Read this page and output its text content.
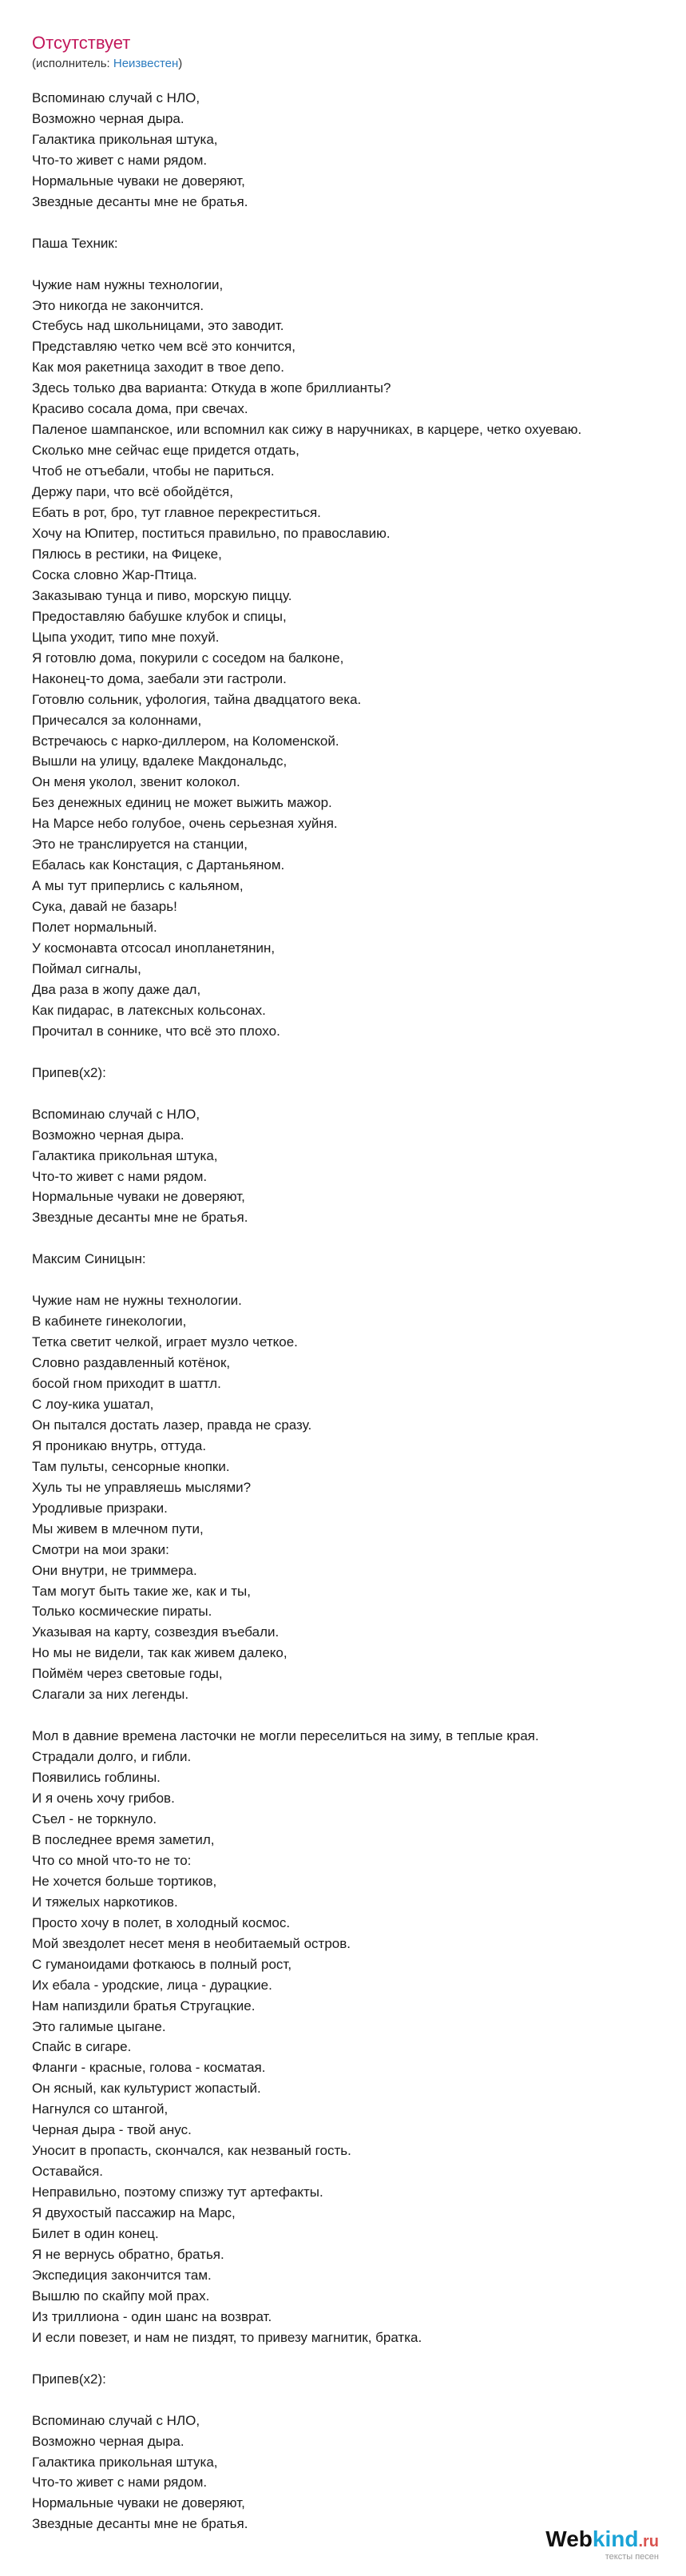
Отсутствует
(исполнитель: Неизвестен)
Вспоминаю случай с НЛО,
Возможно черная дыра.
Галактика прикольная штука,
Что-то живет с нами рядом.
Нормальные чуваки не доверяют,
Звездные десанты мне не братья.
Паша Техник:
Чужие нам нужны технологии,
Это никогда не закончится.
Стебусь над школьницами, это заводит.
Представляю четко чем всё это кончится,
Как моя ракетница заходит в твое депо.
Здесь только два варианта: Откуда в жопе бриллианты?
Красиво сосала дома, при свечах.
Паленое шампанское, или вспомнил как сижу в наручниках, в карцере, четко охуеваю.
Сколько мне сейчас еще придется отдать,
Чтоб не отъебали, чтобы не париться.
Держу пари, что всё обойдётся,
Ебать в рот, бро, тут главное перекреститься.
Хочу на Юпитер, поститься правильно, по православию.
Пялюсь в рестики, на Фицеке,
Соска словно Жар-Птица.
Заказываю тунца и пиво, морскую пиццу.
Предоставляю бабушке клубок и спицы,
Цыпа уходит, типо мне похуй.
Я готовлю дома, покурили с соседом на балконе,
Наконец-то дома, заебали эти гастроли.
Готовлю сольник, уфология, тайна двадцатого века.
Причесался за колоннами,
Встречаюсь с нарко-диллером, на Коломенской.
Вышли на улицу, вдалеке Макдональдс,
Он меня уколол, звенит колокол.
Без денежных единиц не может выжить мажор.
На Марсе небо голубое, очень серьезная хуйня.
Это не транслируется на станции,
Ебалась как Констация, с Дартаньяном.
А мы тут приперлись с кальяном,
Сука, давай не базарь!
Полет нормальный.
У космонавта отсосал инопланетянин,
Поймал сигналы,
Два раза в жопу даже дал,
Как пидарас, в латексных кольсонах.
Прочитал в соннике, что всё это плохо.
Припев(x2):
Вспоминаю случай с НЛО,
Возможно черная дыра.
Галактика прикольная штука,
Что-то живет с нами рядом.
Нормальные чуваки не доверяют,
Звездные десанты мне не братья.
Максим Синицын:
Чужие нам не нужны технологии.
В кабинете гинекологии,
Тетка светит челкой, играет музло четкое.
Словно раздавленный котёнок,
босой гном приходит в шаттл.
С лоу-кика ушатал,
Он пытался достать лазер, правда не сразу.
Я проникаю внутрь, оттуда.
Там пульты, сенсорные кнопки.
Хуль ты не управляешь мыслями?
Уродливые призраки.
Мы живем в млечном пути,
Смотри на мои зраки:
Они внутри, не триммера.
Там могут быть такие же, как и ты,
Только космические пираты.
Указывая на карту, созвездия въебали.
Но мы не видели, так как живем далеко,
Поймём через световые годы,
Слагали за них легенды.
Мол в давние времена ласточки не могли переселиться на зиму, в теплые края.
Страдали долго, и гибли.
Появились гоблины.
И я очень хочу грибов.
Съел - не торкнуло.
В последнее время заметил,
Что со мной что-то не то:
Не хочется больше тортиков,
И тяжелых наркотиков.
Просто хочу в полет, в холодный космос.
Мой звездолет несет меня в необитаемый остров.
С гуманоидами фоткаюсь в полный рост,
Их ебала - уродские, лица - дурацкие.
Нам напиздили братья Стругацкие.
Это галимые цыгане.
Спайс в сигаре.
Фланги - красные, голова - косматая.
Он ясный, как культурист жопастый.
Нагнулся со штангой,
Черная дыра - твой анус.
Уносит в пропасть, скончался, как незваный гость.
Оставайся.
Неправильно, поэтому спизжу тут артефакты.
Я двухостый пассажир на Марс,
Билет в один конец.
Я не вернусь обратно, братья.
Экспедиция закончится там.
Вышлю по скайпу мой прах.
Из триллиона - один шанс на возврат.
И если повезет, и нам не пиздят, то привезу магнитик, братка.
Припев(x2):
Вспоминаю случай с НЛО,
Возможно черная дыра.
Галактика прикольная штука,
Что-то живет с нами рядом.
Нормальные чуваки не доверяют,
Звездные десанты мне не братья.
Webkind.ru
тексты песен
